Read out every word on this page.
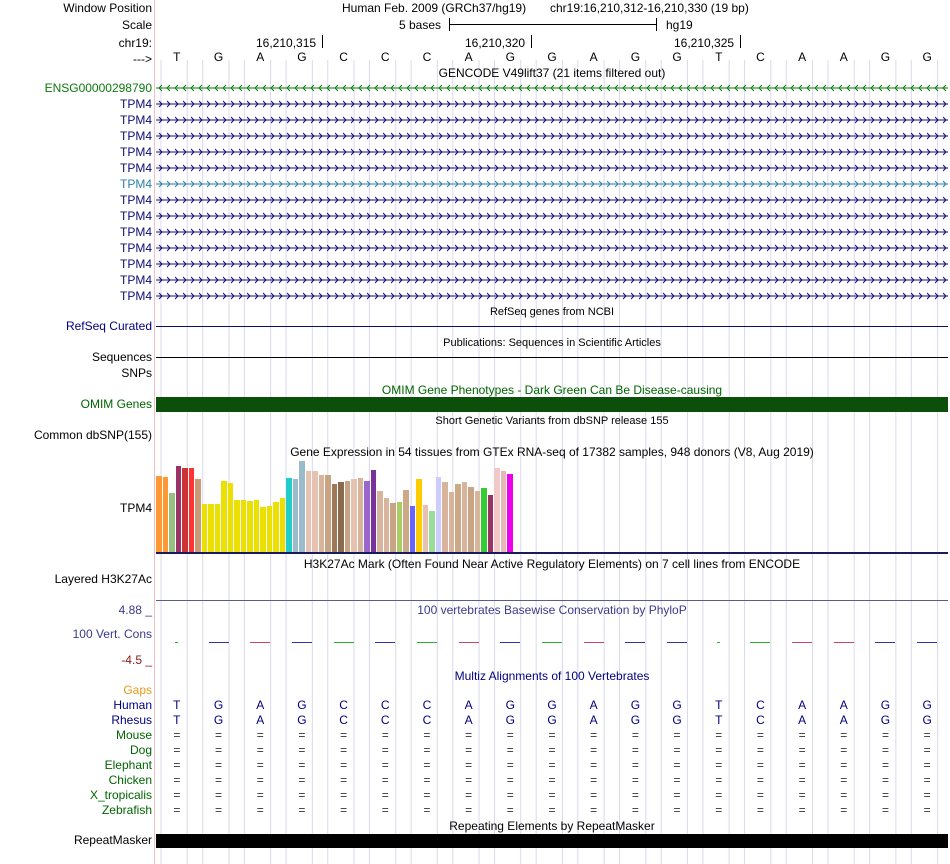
Window Position
Scale
chr19:
--->
Human Feb. 2009 (GRCh37/hg19) chr19:16,210,312-16,210,330 (19 bp)
5 bases	hg19
16,210,315	16,210,320	16,210,325
T	G	A	G	C	C	C	A	G	G	A	G	G	T	C	A	A	G	G
GENCODE V49lift37 (21 items filtered out)
ENSG00000298790
TPM4
TPM4
TPM4
TPM4
TPM4
TPM4
TPM4
TPM4
TPM4
TPM4
TPM4
TPM4
TPM4
RefSeq genes from NCBI
RefSeq Curated
Publications: Sequences in Scientific Articles
Sequences
SNPs
OMIM Gene Phenotypes - Dark Green Can Be Disease-causing
OMIM Genes
Short Genetic Variants from dbSNP release 155
Common dbSNP(155)
Gene Expression in 54 tissues from GTEx RNA-seq of 17382 samples, 948 donors (V8, Aug 2019)
TPM4
H3K27Ac Mark (Often Found Near Active Regulatory Elements) on 7 cell lines from ENCODE
Layered H3K27Ac
100 vertebrates Basewise Conservation by PhyloP
4.88 _
100 Vert. Cons
-4.5 _
Multiz Alignments of 100 Vertebrates
Gaps
Human	T	G	A	G	C	C	C	A	G	G	A	G	G	T	C	A	A	G	G
Rhesus	T	G	A	G	C	C	C	A	G	G	A	G	G	T	C	A	A	G	G
Mouse	=	=	=	=	=	=	=	=	=	=	=	=	=	=	=	=	=	=	=
Dog	=	=	=	=	=	=	=	=	=	=	=	=	=	=	=	=	=	=	=
Elephant	=	=	=	=	=	=	=	=	=	=	=	=	=	=	=	=	=	=	=
Chicken	=	=	=	=	=	=	=	=	=	=	=	=	=	=	=	=	=	=	=
X_tropicalis	=	=	=	=	=	=	=	=	=	=	=	=	=	=	=	=	=	=	=
Zebrafish	=	=	=	=	=	=	=	=	=	=	=	=	=	=	=	=	=	=	=
Repeating Elements by RepeatMasker
RepeatMasker
